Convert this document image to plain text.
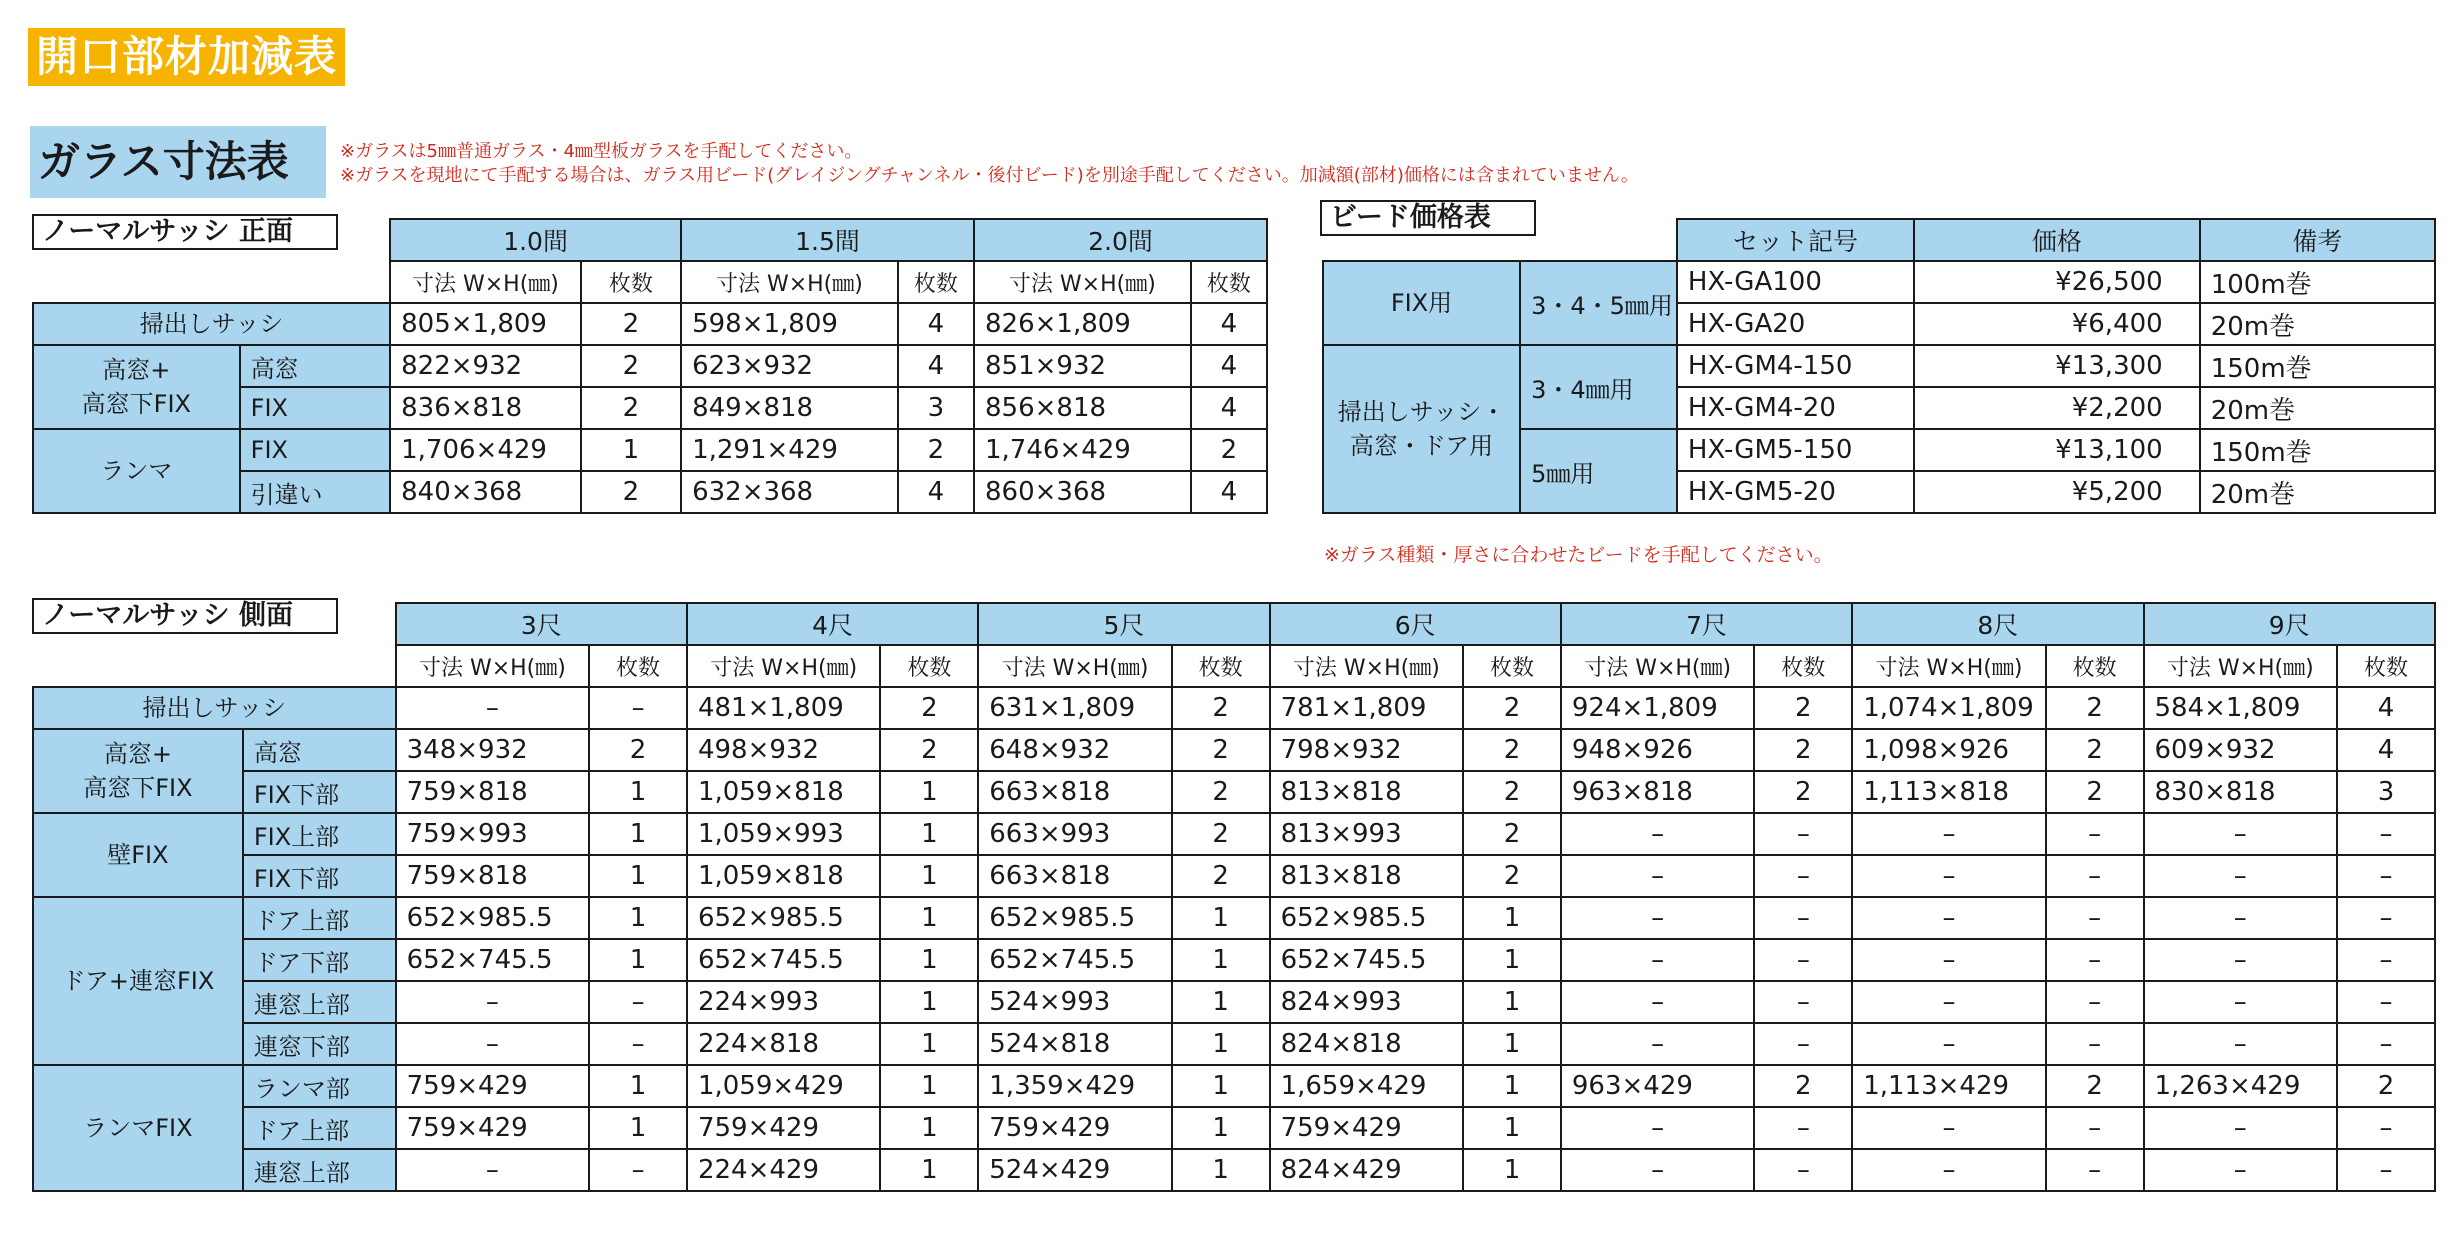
開口部材加減表
ガラス寸法表	※ガラスは5㎜普通ガラス・4㎜型板ガラスを手配してください。
※ガラスを現地にて手配する場合は、ガラス用ビード(グレイジングチャンネル・後付ビード)を別途手配してください。加減額(部材)価格には含まれていません。
ノーマルサッシ 正面
		1.0間		1.5間		2.0間	
		寸法 W×H(㎜)	枚数	寸法 W×H(㎜)	枚数	寸法 W×H(㎜)	枚数
掃出しサッシ		805×1,809	2	598×1,809	4	826×1,809	4
高窓+
高窓下FIX	高窓	822×932	2	623×932	4	851×932	4
	FIX	836×818	2	849×818	3	856×818	4
ランマ	FIX	1,706×429	1	1,291×429	2	1,746×429	2
	引違い	840×368	2	632×368	4	860×368	4
ビード価格表
		セット記号	価格	備考
FIX用	3・4・5㎜用	HX-GA100	¥26,500	100m巻
		HX-GA20	¥6,400	20m巻
掃出しサッシ・
高窓・ドア用	3・4㎜用	HX-GM4-150	¥13,300	150m巻
		HX-GM4-20	¥2,200	20m巻
	5㎜用	HX-GM5-150	¥13,100	150m巻
		HX-GM5-20	¥5,200	20m巻
※ガラス種類・厚さに合わせたビードを手配してください。
ノーマルサッシ 側面
		3尺		4尺		5尺		6尺		7尺		8尺		9尺	
		寸法 W×H(㎜)	枚数	寸法 W×H(㎜)	枚数	寸法 W×H(㎜)	枚数	寸法 W×H(㎜)	枚数	寸法 W×H(㎜)	枚数	寸法 W×H(㎜)	枚数	寸法 W×H(㎜)	枚数
掃出しサッシ		–	–	481×1,809	2	631×1,809	2	781×1,809	2	924×1,809	2	1,074×1,809	2	584×1,809	4
高窓+
高窓下FIX	高窓	348×932	2	498×932	2	648×932	2	798×932	2	948×926	2	1,098×926	2	609×932	4
	FIX下部	759×818	1	1,059×818	1	663×818	2	813×818	2	963×818	2	1,113×818	2	830×818	3
壁FIX	FIX上部	759×993	1	1,059×993	1	663×993	2	813×993	2	–	–	–	–	–	–
	FIX下部	759×818	1	1,059×818	1	663×818	2	813×818	2	–	–	–	–	–	–
ドア+連窓FIX	ドア上部	652×985.5	1	652×985.5	1	652×985.5	1	652×985.5	1	–	–	–	–	–	–
	ドア下部	652×745.5	1	652×745.5	1	652×745.5	1	652×745.5	1	–	–	–	–	–	–
	連窓上部	–	–	224×993	1	524×993	1	824×993	1	–	–	–	–	–	–
	連窓下部	–	–	224×818	1	524×818	1	824×818	1	–	–	–	–	–	–
ランマFIX	ランマ部	759×429	1	1,059×429	1	1,359×429	1	1,659×429	1	963×429	2	1,113×429	2	1,263×429	2
	ドア上部	759×429	1	759×429	1	759×429	1	759×429	1	–	–	–	–	–	–
	連窓上部	–	–	224×429	1	524×429	1	824×429	1	–	–	–	–	–	–
